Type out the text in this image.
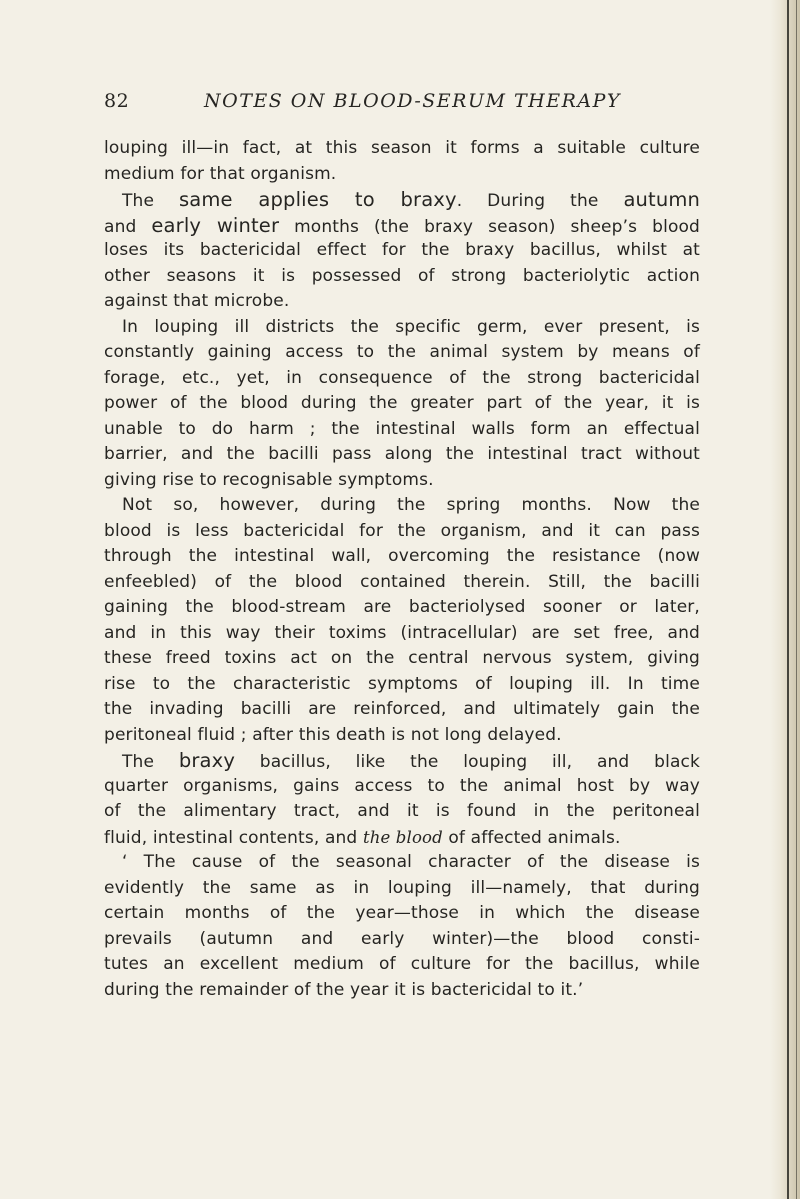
82	NOTES ON BLOOD-SERUM THERAPY
louping ill—in fact, at this season it forms a suitable culture
medium for that organism.
The same applies to braxy. During the autumn
and early winter months (the braxy season) sheep’s blood
loses its bactericidal effect for the braxy bacillus, whilst at
other seasons it is possessed of strong bacteriolytic action
against that microbe.
In louping ill districts the specific germ, ever present, is
constantly gaining access to the animal system by means of
forage, etc., yet, in consequence of the strong bactericidal
power of the blood during the greater part of the year, it is
unable to do harm ; the intestinal walls form an effectual
barrier, and the bacilli pass along the intestinal tract without
giving rise to recognisable symptoms.
Not so, however, during the spring months. Now the
blood is less bactericidal for the organism, and it can pass
through the intestinal wall, overcoming the resistance (now
enfeebled) of the blood contained therein. Still, the bacilli
gaining the blood-stream are bacteriolysed sooner or later,
and in this way their toxims (intracellular) are set free, and
these freed toxins act on the central nervous system, giving
rise to the characteristic symptoms of louping ill. In time
the invading bacilli are reinforced, and ultimately gain the
peritoneal fluid ; after this death is not long delayed.
The braxy bacillus, like the louping ill, and black
quarter organisms, gains access to the animal host by way
of the alimentary tract, and it is found in the peritoneal
fluid, intestinal contents, and the blood of affected animals.
‘ The cause of the seasonal character of the disease is
evidently the same as in louping ill—namely, that during
certain months of the year—those in which the disease
prevails (autumn and early winter)—the blood consti-
tutes an excellent medium of culture for the bacillus, while
during the remainder of the year it is bactericidal to it.’
